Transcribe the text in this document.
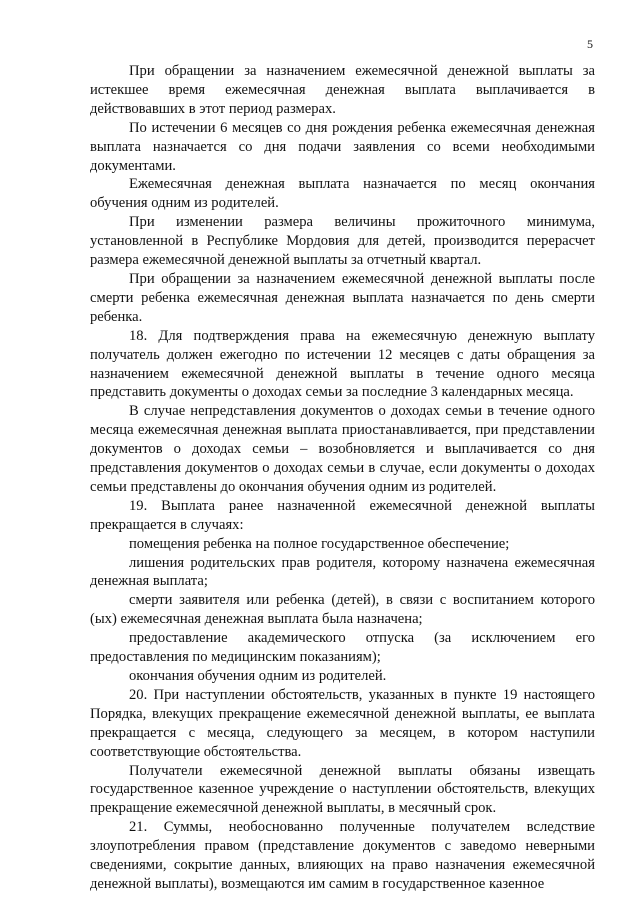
5

При обращении за назначением ежемесячной денежной выплаты за истекшее время ежемесячная денежная выплата выплачивается в действовавших в этот период размерах.

По истечении 6 месяцев со дня рождения ребенка ежемесячная денежная выплата назначается со дня подачи заявления со всеми необходимыми документами.

Ежемесячная денежная выплата назначается по месяц окончания обучения одним из родителей.

При изменении размера величины прожиточного минимума, установленной в Республике Мордовия для детей, производится перерасчет размера ежемесячной денежной выплаты за отчетный квартал.

При обращении за назначением ежемесячной денежной выплаты после смерти ребенка ежемесячная денежная выплата назначается по день смерти ребенка.

18. Для подтверждения права на ежемесячную денежную выплату получатель должен ежегодно по истечении 12 месяцев с даты обращения за назначением ежемесячной денежной выплаты в течение одного месяца представить документы о доходах семьи за последние 3 календарных месяца.

В случае непредставления документов о доходах семьи в течение одного месяца ежемесячная денежная выплата приостанавливается, при представлении документов о доходах семьи – возобновляется и выплачивается со дня представления документов о доходах семьи в случае, если документы о доходах семьи представлены до окончания обучения одним из родителей.

19. Выплата ранее назначенной ежемесячной денежной выплаты прекращается в случаях:

помещения ребенка на полное государственное обеспечение;

лишения родительских прав родителя, которому назначена ежемесячная денежная выплата;

смерти заявителя или ребенка (детей), в связи с воспитанием которого (ых) ежемесячная денежная выплата была назначена;

предоставление академического отпуска (за исключением его предоставления по медицинским показаниям);

окончания обучения одним из родителей.

20. При наступлении обстоятельств, указанных в пункте 19 настоящего Порядка, влекущих прекращение ежемесячной денежной выплаты, ее выплата прекращается с месяца, следующего за месяцем, в котором наступили соответствующие обстоятельства.

Получатели ежемесячной денежной выплаты обязаны извещать государственное казенное учреждение о наступлении обстоятельств, влекущих прекращение ежемесячной денежной выплаты, в месячный срок.

21. Суммы, необоснованно полученные получателем вследствие злоупотребления правом (представление документов с заведомо неверными сведениями, сокрытие данных, влияющих на право назначения ежемесячной денежной выплаты), возмещаются им самим в государственное казенное
